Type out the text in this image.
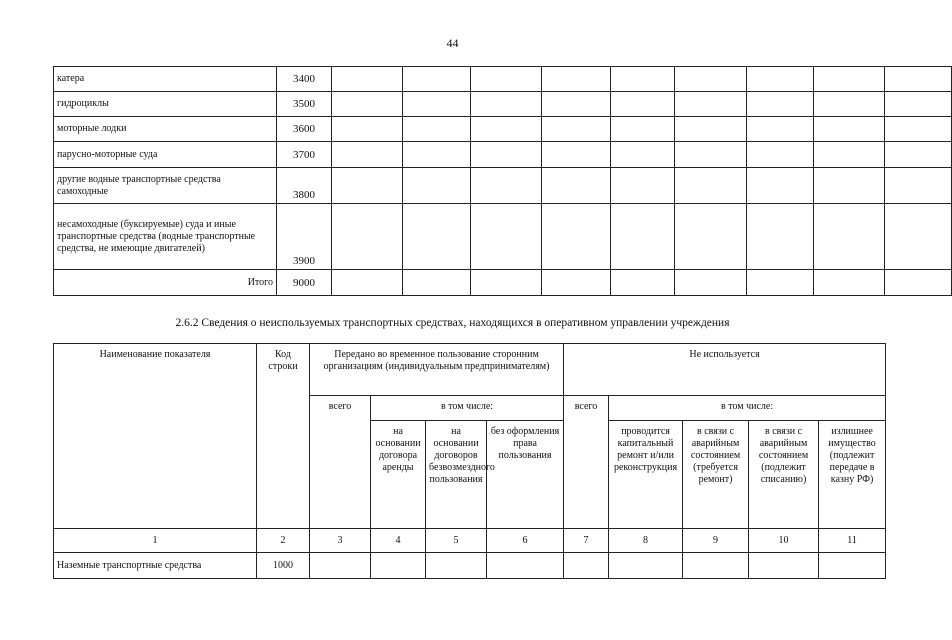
44
катера	3400									
гидроциклы	3500									
моторные лодки	3600									
парусно-моторные суда	3700									
другие водные транспортные средства самоходные	3800									
несамоходные (буксируемые) суда и иные транспортные средства (водные транспортные средства, не имеющие двигателей)	3900									
Итого	9000									
2.6.2 Сведения о неиспользуемых транспортных средствах, находящихся в оперативном управлении учреждения
Наименование показателя	Код строки	Передано во временное пользование сторонним организациям (индивидуальным предпринимателям)				Не используется				
		всего	в том числе:			всего	в том числе:			
			на основании договора аренды	на основании договоров безвозмездного пользования	без оформления права пользования		проводится капитальный ремонт и/или реконструкция	в связи с аварийным состоянием (требуется ремонт)	в связи с аварийным состоянием (подлежит списанию)	излишнее имущество (подлежит передаче в казну РФ)
1	2	3	4	5	6	7	8	9	10	11
Наземные транспортные средства	1000									
